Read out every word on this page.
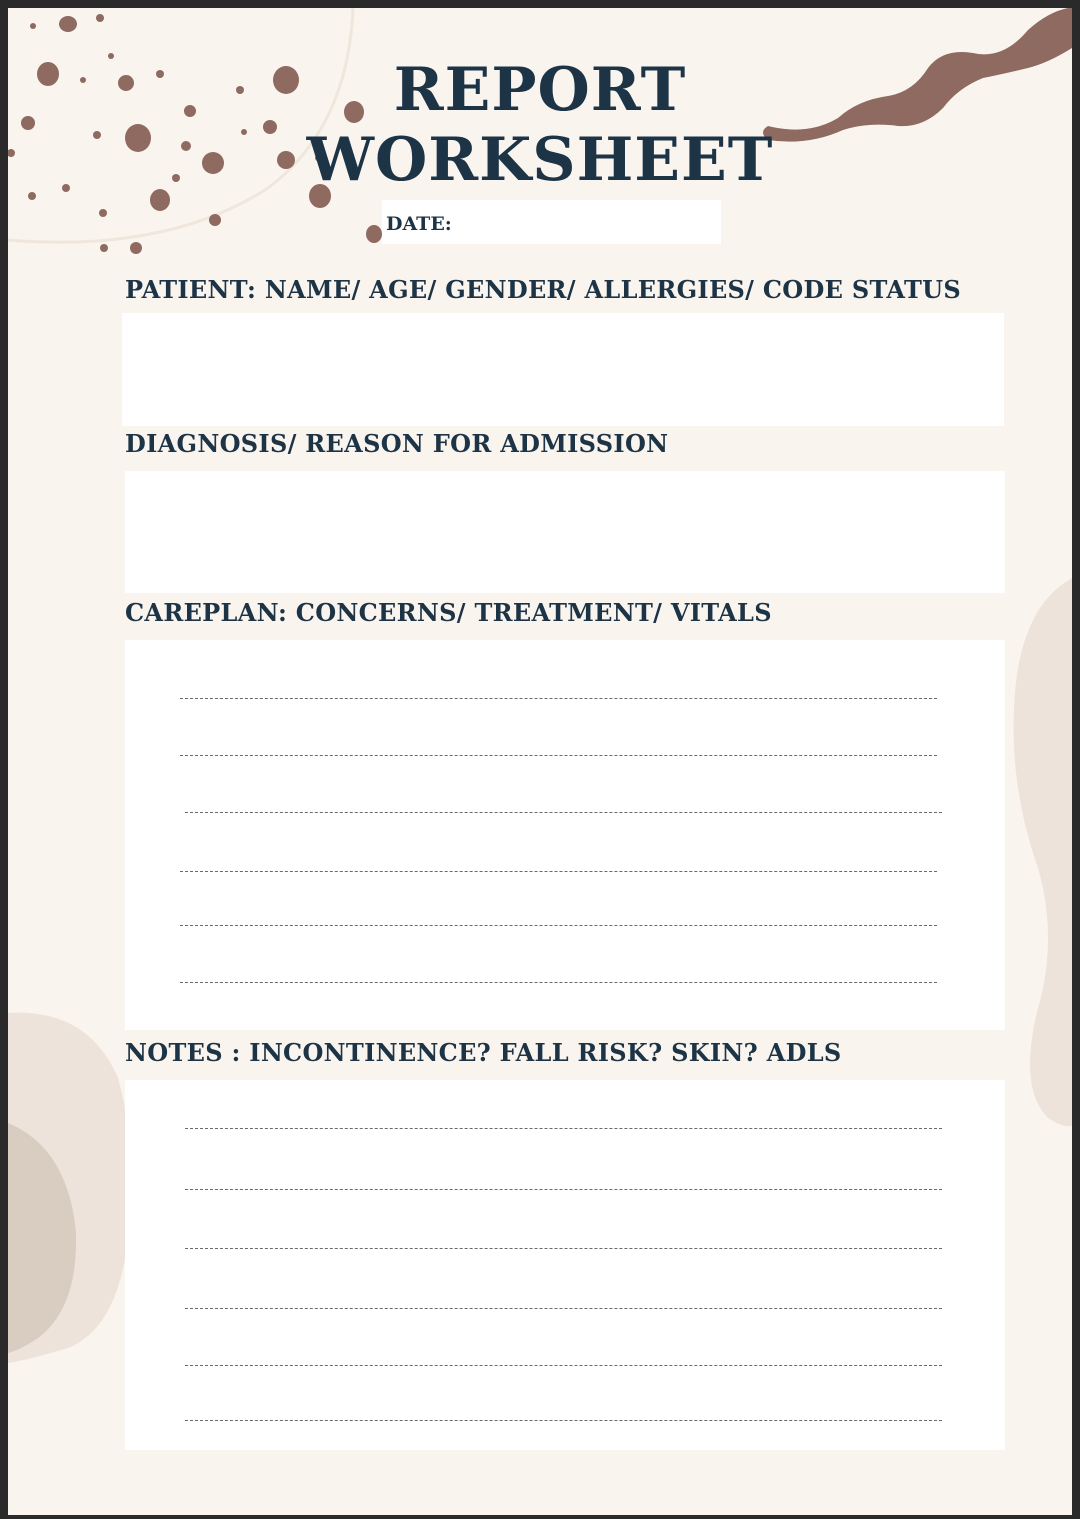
REPORT
WORKSHEET
DATE:
PATIENT: NAME/ AGE/ GENDER/ ALLERGIES/ CODE STATUS
DIAGNOSIS/ REASON FOR ADMISSION
CAREPLAN: CONCERNS/ TREATMENT/ VITALS
NOTES : INCONTINENCE? FALL RISK? SKIN? ADLS
